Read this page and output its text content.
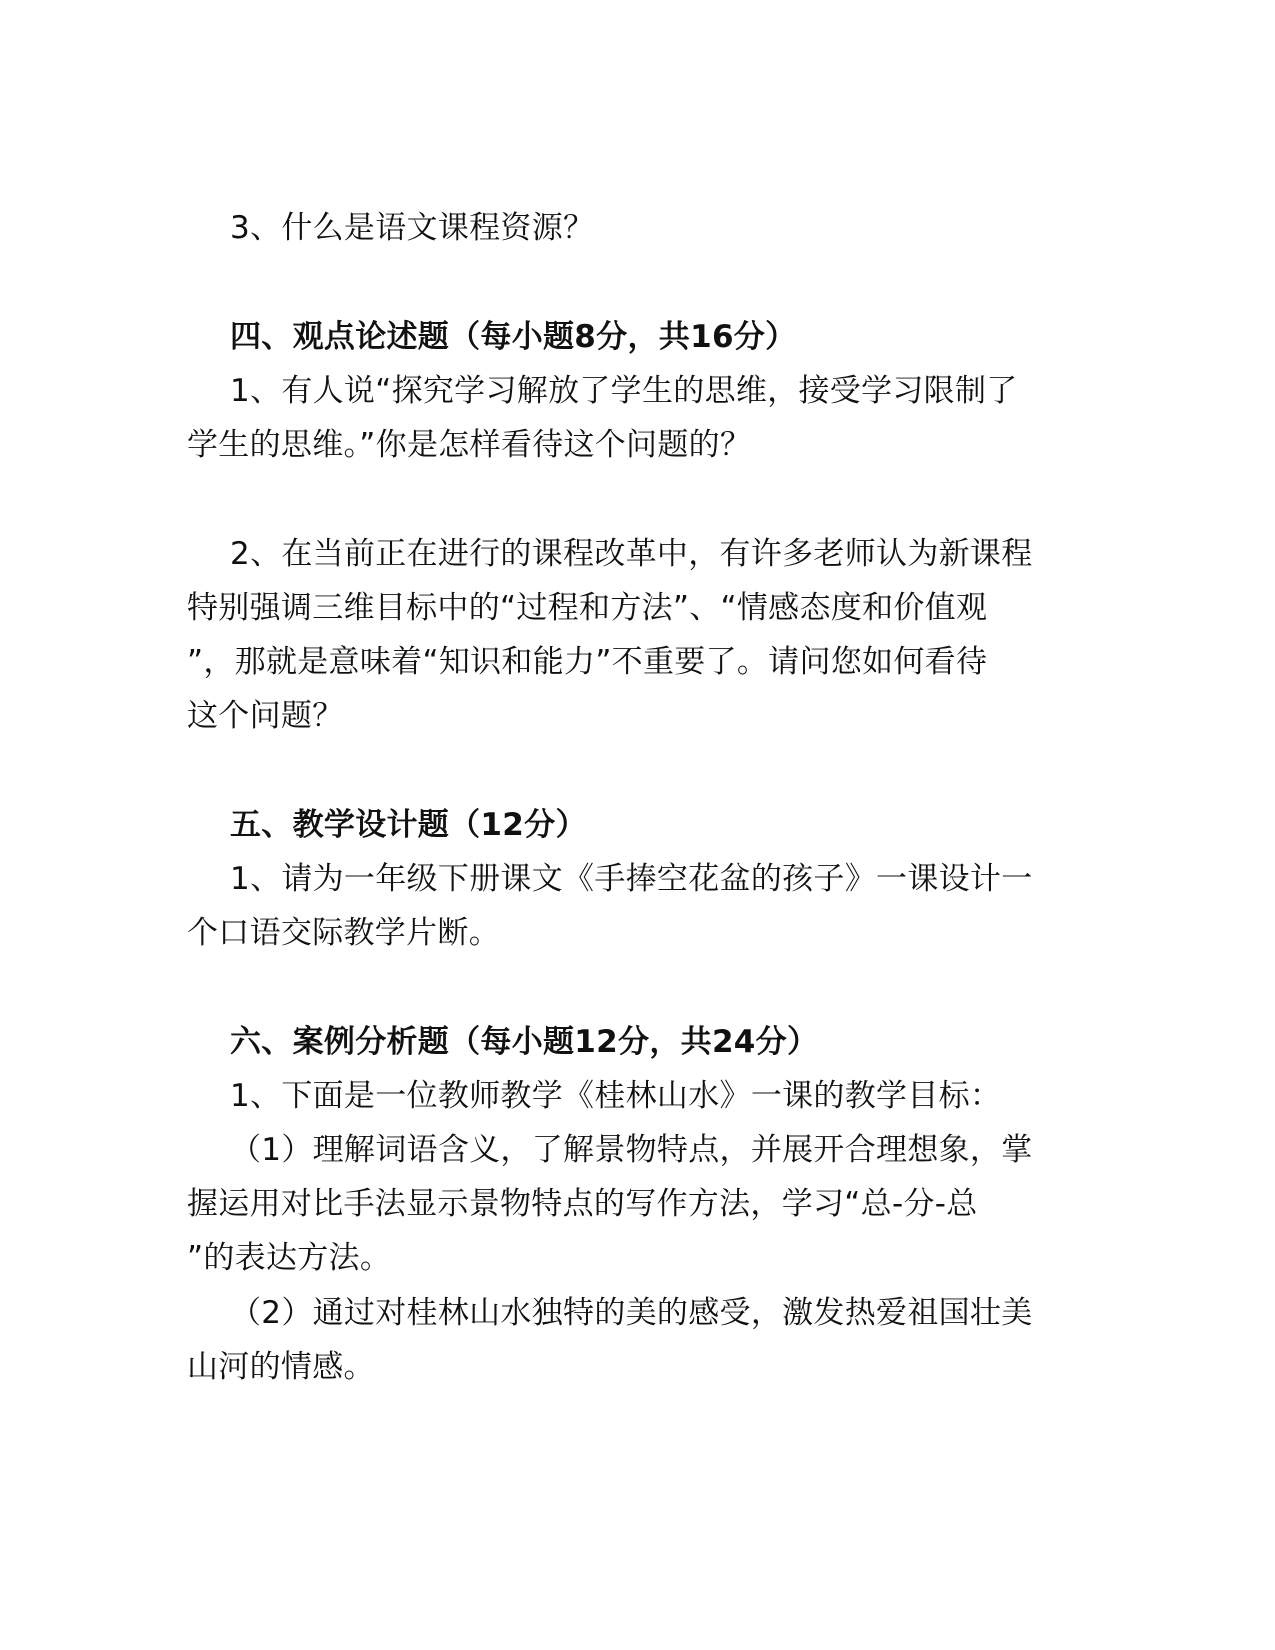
3、什么是语文课程资源？
四、观点论述题（每小题8分，共16分）
1、有人说“探究学习解放了学生的思维，接受学习限制了
学生的思维。”你是怎样看待这个问题的？
2、在当前正在进行的课程改革中，有许多老师认为新课程
特别强调三维目标中的“过程和方法”、“情感态度和价值观
”，那就是意味着“知识和能力”不重要了。请问您如何看待
这个问题？
五、教学设计题（12分）
1、请为一年级下册课文《手捧空花盆的孩子》一课设计一
个口语交际教学片断。
六、案例分析题（每小题12分，共24分）
1、下面是一位教师教学《桂林山水》一课的教学目标：
（1）理解词语含义，了解景物特点，并展开合理想象，掌
握运用对比手法显示景物特点的写作方法，学习“总-分-总
”的表达方法。
（2）通过对桂林山水独特的美的感受，激发热爱祖国壮美
山河的情感。
